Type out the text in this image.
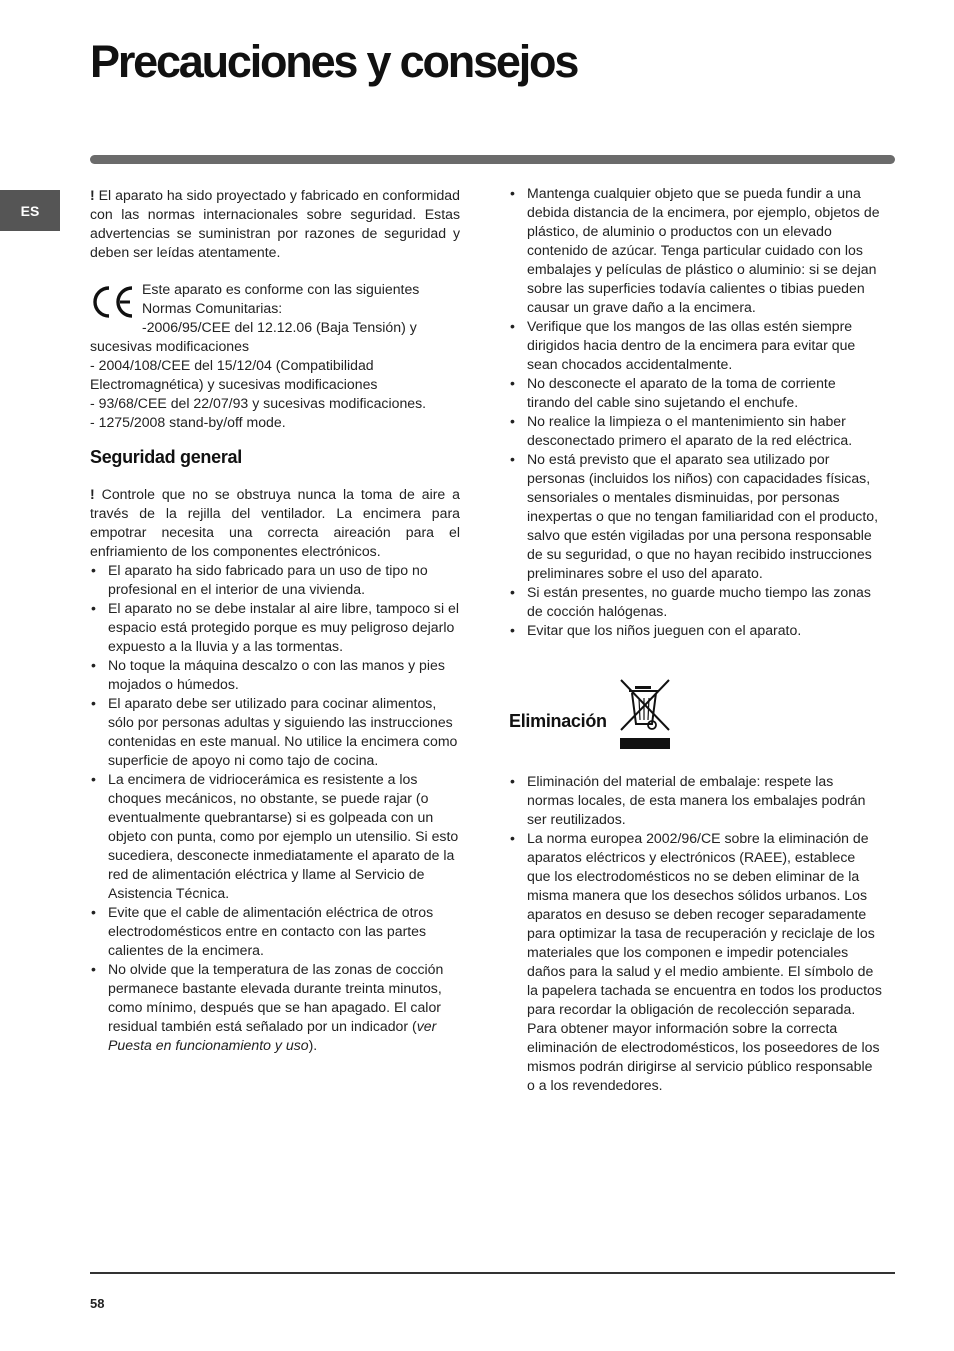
Precauciones y consejos
ES

! El aparato ha sido proyectado y fabricado en conformidad con las normas internacionales sobre seguridad. Estas advertencias se suministran por razones de seguridad y deben ser leídas atentamente.

Este aparato es conforme con las siguientes Normas Comunitarias:

-2006/95/CEE del 12.12.06 (Baja Tensión) y sucesivas modificaciones

- 2004/108/CEE del 15/12/04 (Compatibilidad Electromagnética) y sucesivas modificaciones

- 93/68/CEE del 22/07/93 y sucesivas modificaciones.

- 1275/2008 stand-by/off mode.

Seguridad general

! Controle que no se obstruya nunca la toma de aire a través de la rejilla del ventilador. La encimera para empotrar necesita una correcta aireación para el enfriamiento de los componentes electrónicos.

• El aparato ha sido fabricado para un uso de tipo no profesional en el interior de una vivienda.
• El aparato no se debe instalar al aire libre, tampoco si el espacio está protegido porque es muy peligroso dejarlo expuesto a la lluvia y a las tormentas.
• No toque la máquina descalzo o con las manos y pies mojados o húmedos.
• El aparato debe ser utilizado para cocinar alimentos, sólo por personas adultas y siguiendo las instrucciones contenidas en este manual. No utilice la encimera como superficie de apoyo ni como tajo de cocina.
• La encimera de vidriocerámica es resistente a los choques mecánicos, no obstante, se puede rajar (o eventualmente quebrantarse) si es golpeada con un objeto con punta, como por ejemplo un utensilio. Si esto sucediera, desconecte inmediatamente el aparato de la red de alimentación eléctrica y llame al Servicio de Asistencia Técnica.
• Evite que el cable de alimentación eléctrica de otros electrodomésticos entre en contacto con las partes calientes de la encimera.
• No olvide que la temperatura de las zonas de cocción permanece bastante elevada durante treinta minutos, como mínimo, después que se han apagado. El calor residual también está señalado por un indicador (ver Puesta en funcionamiento y uso).
• Mantenga cualquier objeto que se pueda fundir a una debida distancia de la encimera, por ejemplo, objetos de plástico, de aluminio o productos con un elevado contenido de azúcar. Tenga particular cuidado con los embalajes y películas de plástico o aluminio: si se dejan sobre las superficies todavía calientes o tibias pueden causar un grave daño a la encimera.
• Verifique que los mangos de las ollas estén siempre dirigidos hacia dentro de la encimera para evitar que sean chocados accidentalmente.
• No desconecte el aparato de la toma de corriente tirando del cable sino sujetando el enchufe.
• No realice la limpieza o el mantenimiento sin haber desconectado primero el aparato de la red eléctrica.
• No está previsto que el aparato sea utilizado por personas (incluidos los niños) con capacidades físicas, sensoriales o mentales disminuidas, por personas inexpertas o que no tengan familiaridad con el producto, salvo que estén vigiladas por una persona responsable de su seguridad, o que no hayan recibido instrucciones preliminares sobre el uso del aparato.
• Si están presentes, no guarde mucho tiempo las zonas de cocción halógenas.
• Evitar que los niños jueguen con el aparato.
Eliminación
• Eliminación del material de embalaje: respete las normas locales, de esta manera los embalajes podrán ser reutilizados.
• La norma europea 2002/96/CE sobre la eliminación de aparatos eléctricos y electrónicos (RAEE), establece que los electrodomésticos no se deben eliminar de la misma manera que los desechos sólidos urbanos. Los aparatos en desuso se deben recoger separadamente para optimizar la tasa de recuperación y reciclaje de los materiales que los componen e impedir potenciales daños para la salud y el medio ambiente. El símbolo de la papelera tachada se encuentra en todos los productos para recordar la obligación de recolección separada.

Para obtener mayor información sobre la correcta eliminación de electrodomésticos, los poseedores de los mismos podrán dirigirse al servicio público responsable o a los revendedores.

58
